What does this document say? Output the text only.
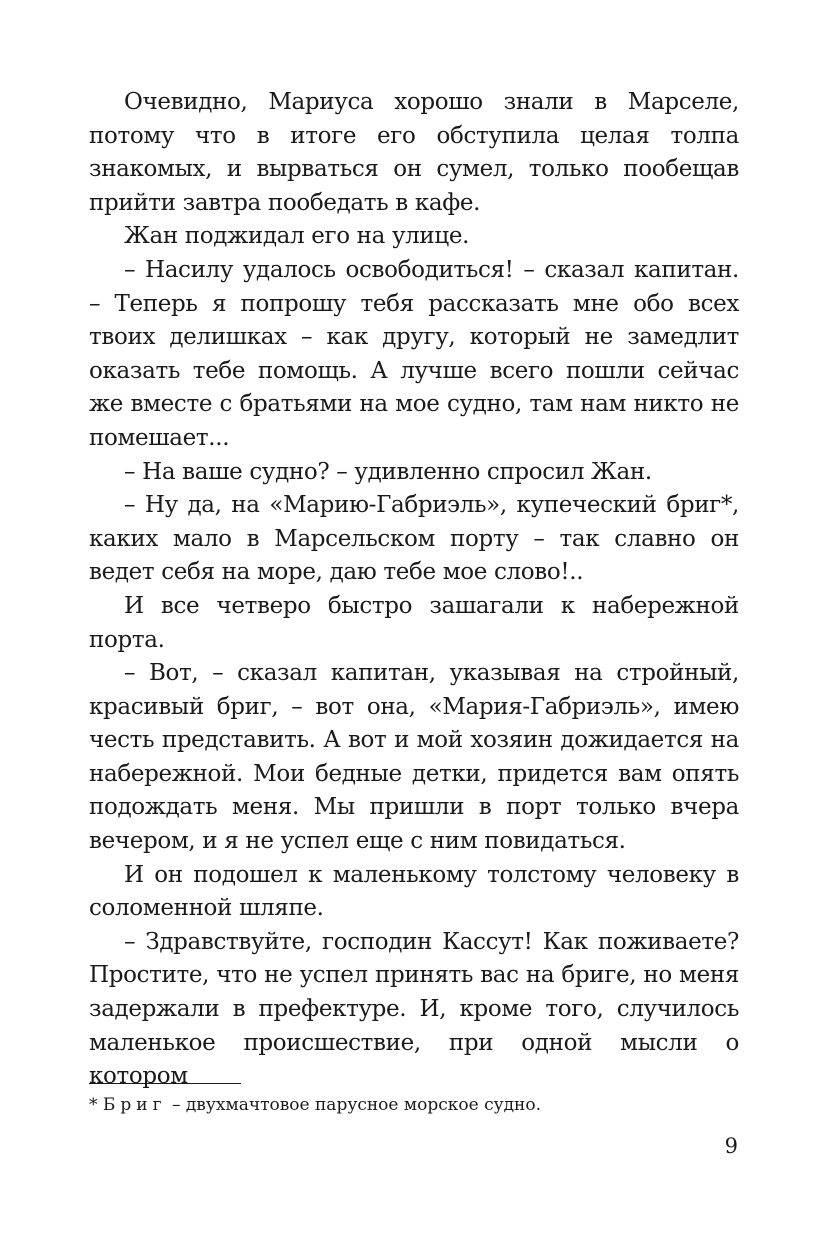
Очевидно, Мариуса хорошо знали в Марселе, потому что в итоге его обступила целая толпа знакомых, и вырваться он сумел, только пообещав прийти завтра пообедать в кафе.

Жан поджидал его на улице.

– Насилу удалось освободиться! – сказал капитан. – Теперь я попрошу тебя рассказать мне обо всех твоих делишках – как другу, который не замедлит оказать тебе помощь. А лучше всего пошли сейчас же вместе с братьями на мое судно, там нам никто не помешает...

– На ваше судно? – удивленно спросил Жан.

– Ну да, на «Марию-Габриэль», купеческий бриг*, каких мало в Марсельском порту – так славно он ведет себя на море, даю тебе мое слово!..

И все четверо быстро зашагали к набережной порта.

– Вот, – сказал капитан, указывая на стройный, красивый бриг, – вот она, «Мария-Габриэль», имею честь представить. А вот и мой хозяин дожидается на набережной. Мои бедные детки, придется вам опять подождать меня. Мы пришли в порт только вчера вечером, и я не успел еще с ним повидаться.

И он подошел к маленькому толстому человеку в соломенной шляпе.

– Здравствуйте, господин Кассут! Как поживаете? Простите, что не успел принять вас на бриге, но меня задержали в префектуре. И, кроме того, случилось маленькое происшествие, при одной мысли о котором

* Бриг – двухмачтовое парусное морское судно.
9
